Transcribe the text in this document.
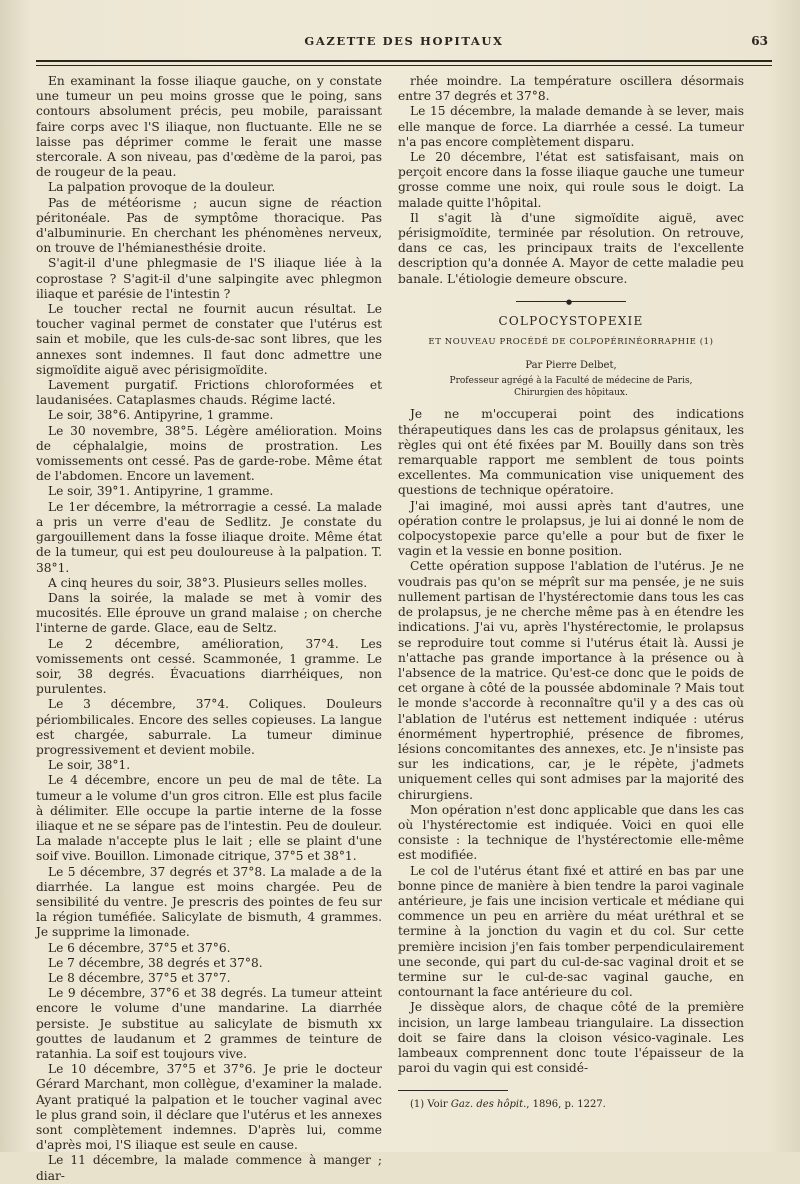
GAZETTE DES HOPITAUX	63

En examinant la fosse iliaque gauche, on y constate une tumeur un peu moins grosse que le poing, sans contours absolument précis, peu mobile, paraissant faire corps avec l'S iliaque, non fluctuante. Elle ne se laisse pas déprimer comme le ferait une masse stercorale. A son niveau, pas d'œdème de la paroi, pas de rougeur de la peau.

La palpation provoque de la douleur.

Pas de météorisme ; aucun signe de réaction péritonéale. Pas de symptôme thoracique. Pas d'albuminurie. En cherchant les phénomènes nerveux, on trouve de l'hémianesthésie droite.

S'agit-il d'une phlegmasie de l'S iliaque liée à la coprostase ? S'agit-il d'une salpingite avec phlegmon iliaque et parésie de l'intestin ?

Le toucher rectal ne fournit aucun résultat. Le toucher vaginal permet de constater que l'utérus est sain et mobile, que les culs-de-sac sont libres, que les annexes sont indemnes. Il faut donc admettre une sigmoïdite aiguë avec périsigmoïdite.

Lavement purgatif. Frictions chloroformées et laudanisées. Cataplasmes chauds. Régime lacté.

Le soir, 38°6. Antipyrine, 1 gramme.

Le 30 novembre, 38°5. Légère amélioration. Moins de céphalalgie, moins de prostration. Les vomissements ont cessé. Pas de garde-robe. Même état de l'abdomen. Encore un lavement.

Le soir, 39°1. Antipyrine, 1 gramme.

Le 1er décembre, la métrorragie a cessé. La malade a pris un verre d'eau de Sedlitz. Je constate du gargouillement dans la fosse iliaque droite. Même état de la tumeur, qui est peu douloureuse à la palpation. T. 38°1.

A cinq heures du soir, 38°3. Plusieurs selles molles.

Dans la soirée, la malade se met à vomir des mucosités. Elle éprouve un grand malaise ; on cherche l'interne de garde. Glace, eau de Seltz.

Le 2 décembre, amélioration, 37°4. Les vomissements ont cessé. Scammonée, 1 gramme. Le soir, 38 degrés. Évacuations diarrhéiques, non purulentes.

Le 3 décembre, 37°4. Coliques. Douleurs périombilicales. Encore des selles copieuses. La langue est chargée, saburrale. La tumeur diminue progressivement et devient mobile.

Le soir, 38°1.

Le 4 décembre, encore un peu de mal de tête. La tumeur a le volume d'un gros citron. Elle est plus facile à délimiter. Elle occupe la partie interne de la fosse iliaque et ne se sépare pas de l'intestin. Peu de douleur. La malade n'accepte plus le lait ; elle se plaint d'une soif vive. Bouillon. Limonade citrique, 37°5 et 38°1.

Le 5 décembre, 37 degrés et 37°8. La malade a de la diarrhée. La langue est moins chargée. Peu de sensibilité du ventre. Je prescris des pointes de feu sur la région tuméfiée. Salicylate de bismuth, 4 grammes. Je supprime la limonade.

Le 6 décembre, 37°5 et 37°6.

Le 7 décembre, 38 degrés et 37°8.

Le 8 décembre, 37°5 et 37°7.

Le 9 décembre, 37°6 et 38 degrés. La tumeur atteint encore le volume d'une mandarine. La diarrhée persiste. Je substitue au salicylate de bismuth xx gouttes de laudanum et 2 grammes de teinture de ratanhia. La soif est toujours vive.

Le 10 décembre, 37°5 et 37°6. Je prie le docteur Gérard Marchant, mon collègue, d'examiner la malade. Ayant pratiqué la palpation et le toucher vaginal avec le plus grand soin, il déclare que l'utérus et les annexes sont complètement indemnes. D'après lui, comme d'après moi, l'S iliaque est seule en cause.

Le 11 décembre, la malade commence à manger ; diar-

rhée moindre. La température oscillera désormais entre 37 degrés et 37°8.

Le 15 décembre, la malade demande à se lever, mais elle manque de force. La diarrhée a cessé. La tumeur n'a pas encore complètement disparu.

Le 20 décembre, l'état est satisfaisant, mais on perçoit encore dans la fosse iliaque gauche une tumeur grosse comme une noix, qui roule sous le doigt. La malade quitte l'hôpital.

Il s'agit là d'une sigmoïdite aiguë, avec périsigmoïdite, terminée par résolution. On retrouve, dans ce cas, les principaux traits de l'excellente description qu'a donnée A. Mayor de cette maladie peu banale. L'étiologie demeure obscure.

●
COLPOCYSTOPEXIE
ET NOUVEAU PROCÉDÉ DE COLPOPÉRINÉORRAPHIE (1)
Par Pierre Delbet,
Professeur agrégé à la Faculté de médecine de Paris,
Chirurgien des hôpitaux.

Je ne m'occuperai point des indications thérapeutiques dans les cas de prolapsus génitaux, les règles qui ont été fixées par M. Bouilly dans son très remarquable rapport me semblent de tous points excellentes. Ma communication vise uniquement des questions de technique opératoire.

J'ai imaginé, moi aussi après tant d'autres, une opération contre le prolapsus, je lui ai donné le nom de colpocystopexie parce qu'elle a pour but de fixer le vagin et la vessie en bonne position.

Cette opération suppose l'ablation de l'utérus. Je ne voudrais pas qu'on se méprît sur ma pensée, je ne suis nullement partisan de l'hystérectomie dans tous les cas de prolapsus, je ne cherche même pas à en étendre les indications. J'ai vu, après l'hystérectomie, le prolapsus se reproduire tout comme si l'utérus était là. Aussi je n'attache pas grande importance à la présence ou à l'absence de la matrice. Qu'est-ce donc que le poids de cet organe à côté de la poussée abdominale ? Mais tout le monde s'accorde à reconnaître qu'il y a des cas où l'ablation de l'utérus est nettement indiquée : utérus énormément hypertrophié, présence de fibromes, lésions concomitantes des annexes, etc. Je n'insiste pas sur les indications, car, je le répète, j'admets uniquement celles qui sont admises par la majorité des chirurgiens.

Mon opération n'est donc applicable que dans les cas où l'hystérectomie est indiquée. Voici en quoi elle consiste : la technique de l'hystérectomie elle-même est modifiée.

Le col de l'utérus étant fixé et attiré en bas par une bonne pince de manière à bien tendre la paroi vaginale antérieure, je fais une incision verticale et médiane qui commence un peu en arrière du méat uréthral et se termine à la jonction du vagin et du col. Sur cette première incision j'en fais tomber perpendiculairement une seconde, qui part du cul-de-sac vaginal droit et se termine sur le cul-de-sac vaginal gauche, en contournant la face antérieure du col.

Je dissèque alors, de chaque côté de la première incision, un large lambeau triangulaire. La dissection doit se faire dans la cloison vésico-vaginale. Les lambeaux comprennent donc toute l'épaisseur de la paroi du vagin qui est considé-

(1) Voir Gaz. des hôpit., 1896, p. 1227.
